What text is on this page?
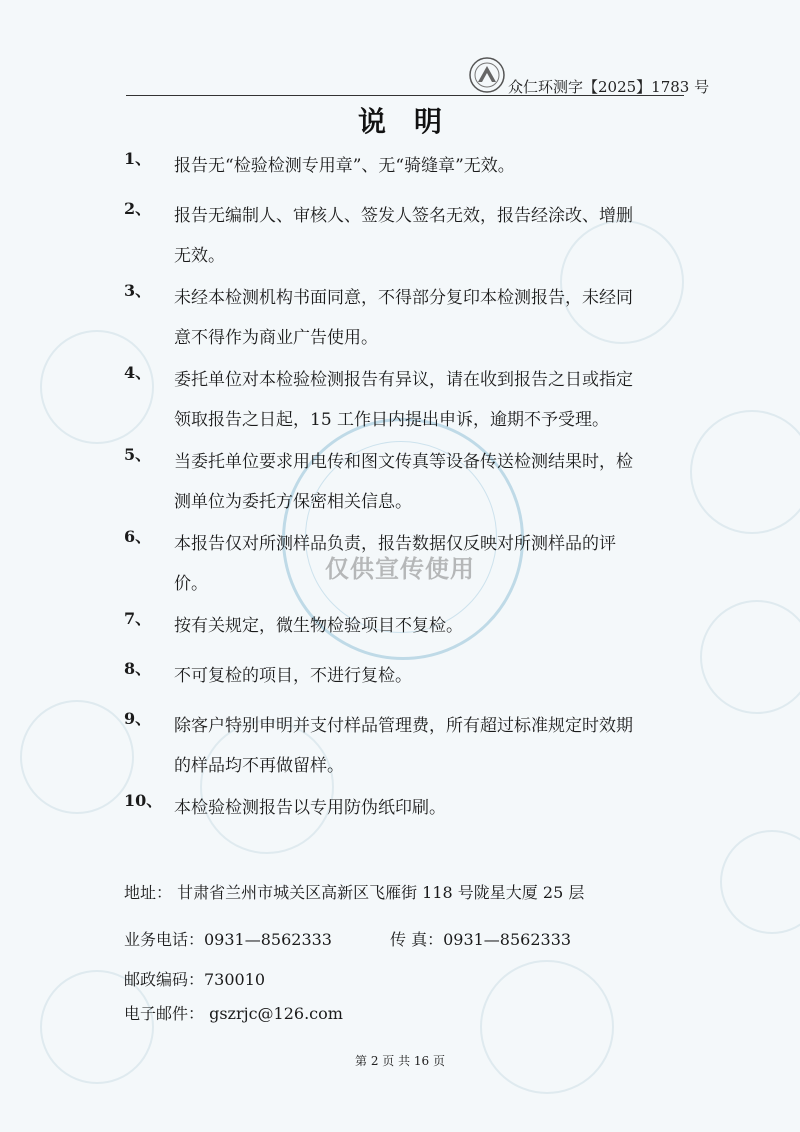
众仁环测字【2025】1783 号
说明
1、 报告无“检验检测专用章”、无“骑缝章”无效。
2、 报告无编制人、审核人、签发人签名无效，报告经涂改、增删
无效。
3、 未经本检测机构书面同意，不得部分复印本检测报告，未经同
意不得作为商业广告使用。
4、 委托单位对本检验检测报告有异议，请在收到报告之日或指定
领取报告之日起，15 工作日内提出申诉，逾期不予受理。
5、 当委托单位要求用电传和图文传真等设备传送检测结果时，检
测单位为委托方保密相关信息。
6、 本报告仅对所测样品负责，报告数据仅反映对所测样品的评
价。
7、 按有关规定，微生物检验项目不复检。
8、 不可复检的项目，不进行复检。
9、 除客户特别申明并支付样品管理费，所有超过标准规定时效期
的样品均不再做留样。
10、 本检验检测报告以专用防伪纸印刷。
仅供宣传使用
地址： 甘肃省兰州市城关区高新区飞雁街 118 号陇星大厦 25 层
业务电话：0931—8562333	传 真：0931—8562333
邮政编码：730010
电子邮件： gszrjc@126.com
第 2 页 共 16 页
